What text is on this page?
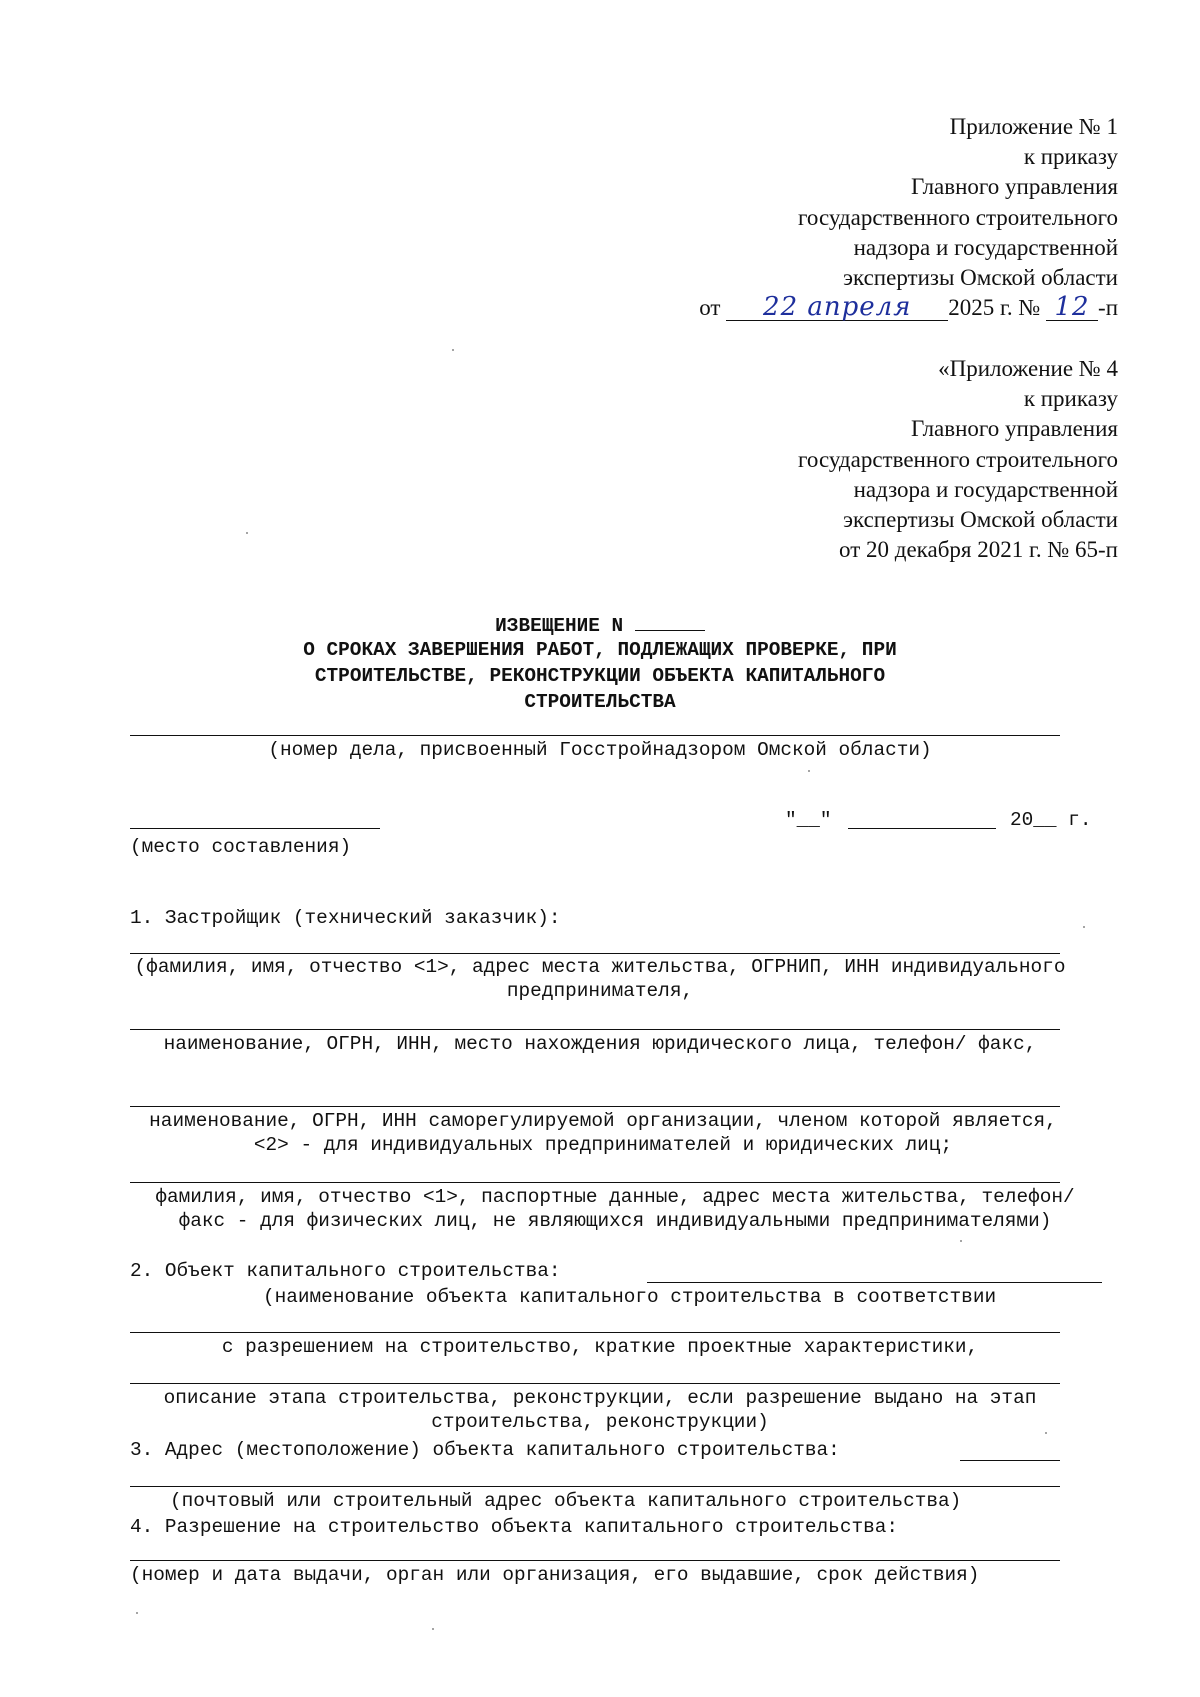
Приложение № 1
к приказу
Главного управления
государственного строительного
надзора и государственной
экспертизы Омской области
от 22 апреля 2025 г. № 12 -п
«Приложение № 4
к приказу
Главного управления
государственного строительного
надзора и государственной
экспертизы Омской области
от 20 декабря 2021 г. № 65-п
ИЗВЕЩЕНИЕ N
О СРОКАХ ЗАВЕРШЕНИЯ РАБОТ, ПОДЛЕЖАЩИХ ПРОВЕРКЕ, ПРИ
СТРОИТЕЛЬСТВЕ, РЕКОНСТРУКЦИИ ОБЪЕКТА КАПИТАЛЬНОГО
СТРОИТЕЛЬСТВА
(номер дела, присвоенный Госстройнадзором Омской области)
"__"	20__ г.
(место составления)
1. Застройщик (технический заказчик):
(фамилия, имя, отчество <1>, адрес места жительства, ОГРНИП, ИНН индивидуального предпринимателя,
наименование, ОГРН, ИНН, место нахождения юридического лица, телефон/ факс,
наименование, ОГРН, ИНН саморегулируемой организации, членом которой является, <2> - для индивидуальных предпринимателей и юридических лиц;
фамилия, имя, отчество <1>, паспортные данные, адрес места жительства, телефон/факс - для физических лиц, не являющихся индивидуальными предпринимателями)
2. Объект капитального строительства:
(наименование объекта капитального строительства в соответствии
с разрешением на строительство, краткие проектные характеристики,
описание этапа строительства, реконструкции, если разрешение выдано на этап строительства, реконструкции)
3. Адрес (местоположение) объекта капитального строительства:
(почтовый или строительный адрес объекта капитального строительства)
4. Разрешение на строительство объекта капитального строительства:
(номер и дата выдачи, орган или организация, его выдавшие, срок действия)
